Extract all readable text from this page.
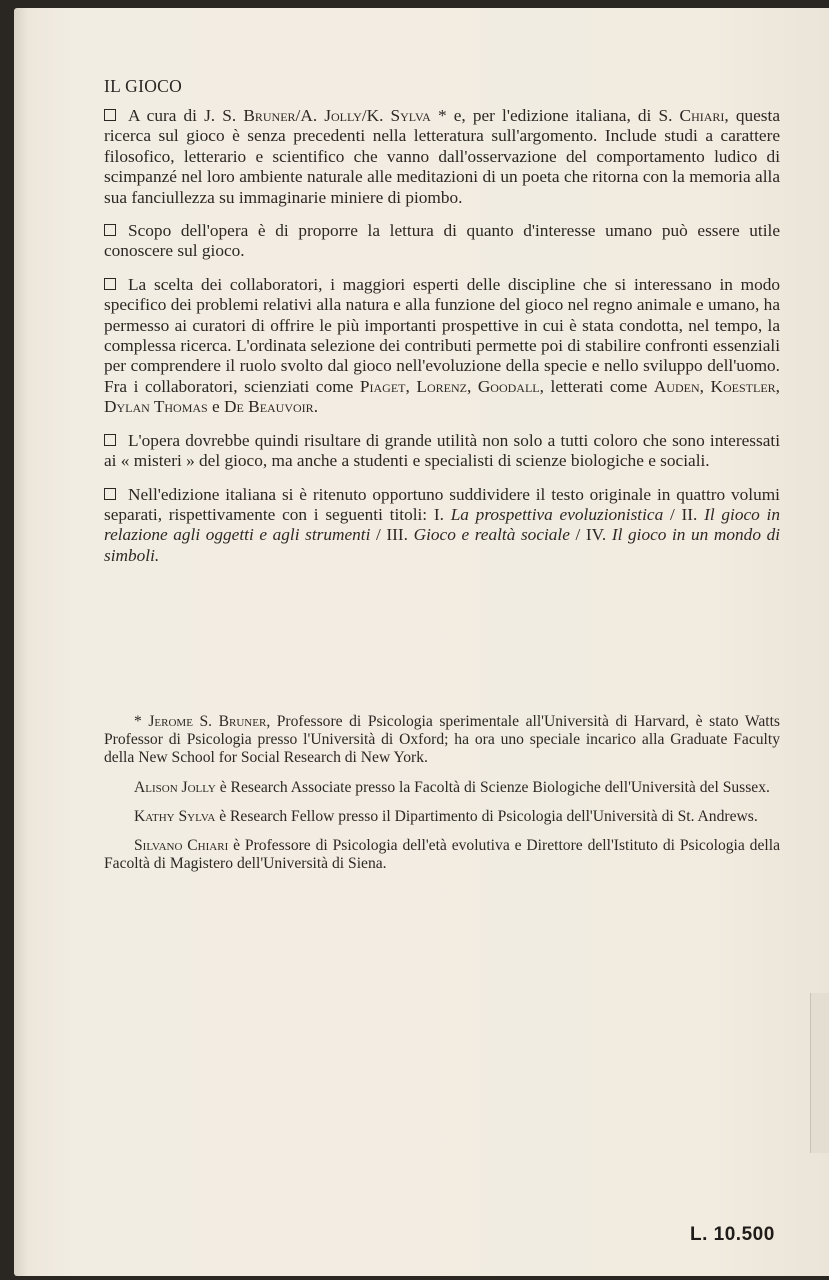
IL GIOCO

A cura di J. S. Bruner/A. Jolly/K. Sylva * e, per l'edizione italiana, di S. Chiari, questa ricerca sul gioco è senza precedenti nella letteratura sull'argomento. Include studi a carattere filosofico, letterario e scientifico che vanno dall'osservazione del comportamento ludico di scimpanzé nel loro ambiente naturale alle meditazioni di un poeta che ritorna con la memoria alla sua fanciullezza su immaginarie miniere di piombo.

Scopo dell'opera è di proporre la lettura di quanto d'interesse umano può essere utile conoscere sul gioco.

La scelta dei collaboratori, i maggiori esperti delle discipline che si interessano in modo specifico dei problemi relativi alla natura e alla funzione del gioco nel regno animale e umano, ha permesso ai curatori di offrire le più importanti prospettive in cui è stata condotta, nel tempo, la complessa ricerca. L'ordinata selezione dei contributi permette poi di stabilire confronti essenziali per comprendere il ruolo svolto dal gioco nell'evoluzione della specie e nello sviluppo dell'uomo. Fra i collaboratori, scienziati come Piaget, Lorenz, Goodall, letterati come Auden, Koestler, Dylan Thomas e De Beauvoir.

L'opera dovrebbe quindi risultare di grande utilità non solo a tutti coloro che sono interessati ai « misteri » del gioco, ma anche a studenti e specialisti di scienze biologiche e sociali.

Nell'edizione italiana si è ritenuto opportuno suddividere il testo originale in quattro volumi separati, rispettivamente con i seguenti titoli: I. La prospettiva evoluzionistica / II. Il gioco in relazione agli oggetti e agli strumenti / III. Gioco e realtà sociale / IV. Il gioco in un mondo di simboli.

* Jerome S. Bruner, Professore di Psicologia sperimentale all'Università di Harvard, è stato Watts Professor di Psicologia presso l'Università di Oxford; ha ora uno speciale incarico alla Graduate Faculty della New School for Social Research di New York.

Alison Jolly è Research Associate presso la Facoltà di Scienze Biologiche dell'Università del Sussex.

Kathy Sylva è Research Fellow presso il Dipartimento di Psicologia dell'Università di St. Andrews.

Silvano Chiari è Professore di Psicologia dell'età evolutiva e Direttore dell'Istituto di Psicologia della Facoltà di Magistero dell'Università di Siena.

L. 10.500
